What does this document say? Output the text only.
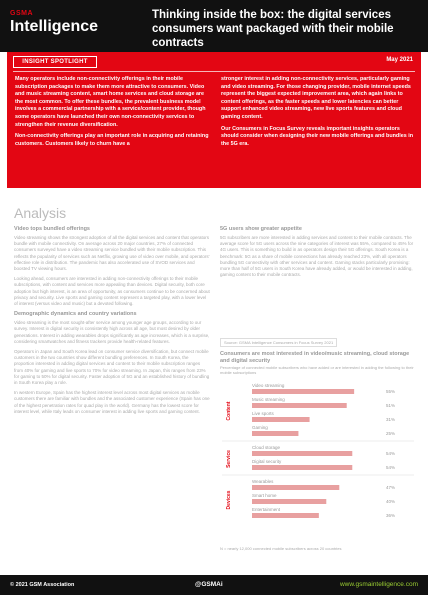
GSMA
Intelligence
Thinking inside the box: the digital services consumers want packaged with their mobile contracts
INSIGHT SPOTLIGHT	May 2021

Many operators include non-connectivity offerings in their mobile subscription packages to make them more attractive to consumers. Video and music streaming content, smart home services and cloud storage are the most common. To offer these bundles, the prevalent business model involves a commercial partnership with a service/content provider, though some operators have launched their own non-connectivity services to strengthen their revenue diversification.

Non-connectivity offerings play an important role in acquiring and retaining customers. Customers likely to churn have a

stronger interest in adding non-connectivity services, particularly gaming and video streaming. For those changing provider, mobile internet speeds represent the biggest expected improvement area, which again links to content offerings, as the faster speeds and lower latencies can better support enhanced video streaming, new live sports features and cloud gaming content.

Our Consumers in Focus Survey reveals important insights operators should consider when designing their new mobile offerings and bundles in the 5G era.

Analysis
Video tops bundled offerings
Video streaming shows the strongest adoption of all the digital services and content that operators bundle with mobile connectivity. On average across 20 major countries, 27% of connected consumers surveyed have a video streaming service bundled with their mobile subscription. This reflects the popularity of services such as Netflix, growing use of video over mobile, and operators' effective role in distribution. The pandemic has also accelerated use of SVOD services and boosted TV viewing hours.
Looking ahead, consumers are interested in adding non-connectivity offerings to their mobile subscriptions, with content and services more appealing than devices. Digital security, both core adoption but high interest, is an area of opportunity, as consumers continue to be concerned about privacy and security. Live sports and gaming content represent a targeted play, with a lower level of interest (versus video and music) but a devoted following.
Demographic dynamics and country variations
Video streaming is the most sought-after service among younger age groups, according to our survey. Interest in digital security is consistently high across all age, but most desired by older generations. Interest in adding wearables drops significantly as age increases, which is a surprise, considering smartwatches and fitness trackers provide health-related features.
Operators in Japan and South Korea lead on consumer service diversification, but connect mobile customers in the two countries show different bundling preferences. In South Korea, the proportion interested in adding digital services and content to their mobile subscription ranges from 40% for gaming and live sports to 70% for video streaming. In Japan, this ranges from 23% for gaming to 50% for digital security. Faster adoption of 5G and an established history of bundling in South Korea play a role.
In western Europe, Spain has the highest interest level across most digital services as mobile customers there are familiar with bundles and the associated customer experience (Spain has one of the highest penetration rates for quad play in the world). Germany has the lowest score for interest level, while Italy leads on consumer interest in adding live sports and gaming content.
5G users show greater appetite
5G subscribers are more interested in adding services and content to their mobile contracts. The average score for 5G users across the nine categories of interest was 55%, compared to 45% for 4G users. This is something to build in as operators design their 5G offerings. South Korea is a benchmark: 5G as a share of mobile connections has already reached 23%, with all operators bundling 5G connectivity with other services and content. Gaming stacks particularly promising: more than half of 5G users in South Korea have already added, or would be interested in adding, gaming content to their mobile contracts.
Source: GSMA Intelligence Consumers in Focus Survey 2021
Consumers are most interested in video/music streaming, cloud storage and digital security
Percentage of connected mobile subscribers who have added or are interested in adding the following to their mobile subscriptions
Video streaming
55%
Music streaming
51%
Live sports
31%
Gaming
25%
Content
Cloud storage
54%
Digital security
54%
Service
Wearables
47%
Smart home
40%
Entertainment
36%
Devices
N = nearly 12,000 connected mobile subscribers across 20 countries
© 2021 GSM Association	@GSMAi	www.gsmaintelligence.com
